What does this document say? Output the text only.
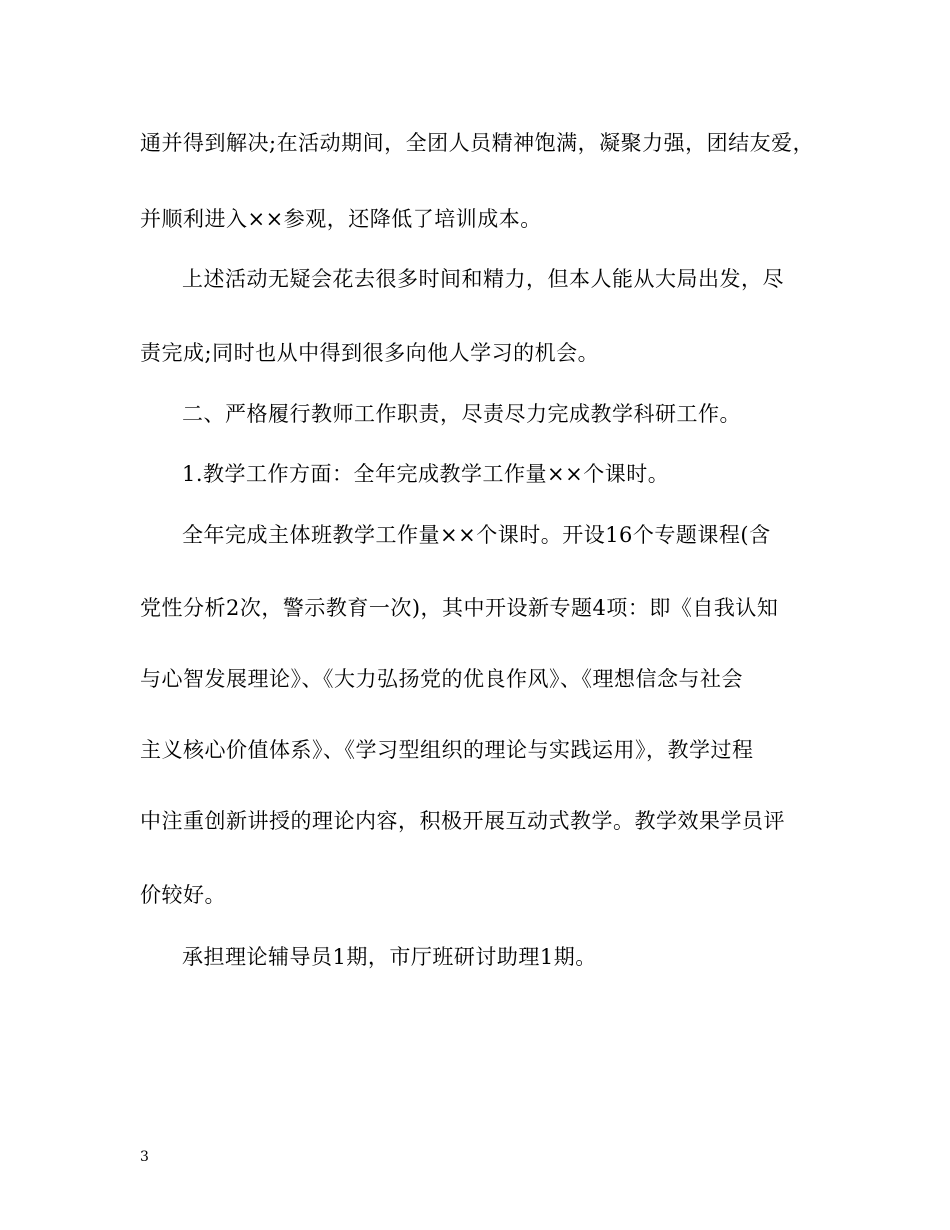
通并得到解决;在活动期间，全团人员精神饱满，凝聚力强，团结友爱，
并顺利进入××参观，还降低了培训成本。
上述活动无疑会花去很多时间和精力，但本人能从大局出发，尽
责完成;同时也从中得到很多向他人学习的机会。
二、严格履行教师工作职责，尽责尽力完成教学科研工作。
1.教学工作方面：全年完成教学工作量××个课时。
全年完成主体班教学工作量××个课时。开设16个专题课程(含
党性分析2次，警示教育一次)，其中开设新专题4项：即《自我认知
与心智发展理论》、《大力弘扬党的优良作风》、《理想信念与社会
主义核心价值体系》、《学习型组织的理论与实践运用》，教学过程
中注重创新讲授的理论内容，积极开展互动式教学。教学效果学员评
价较好。
承担理论辅导员1期，市厅班研讨助理1期。
3
